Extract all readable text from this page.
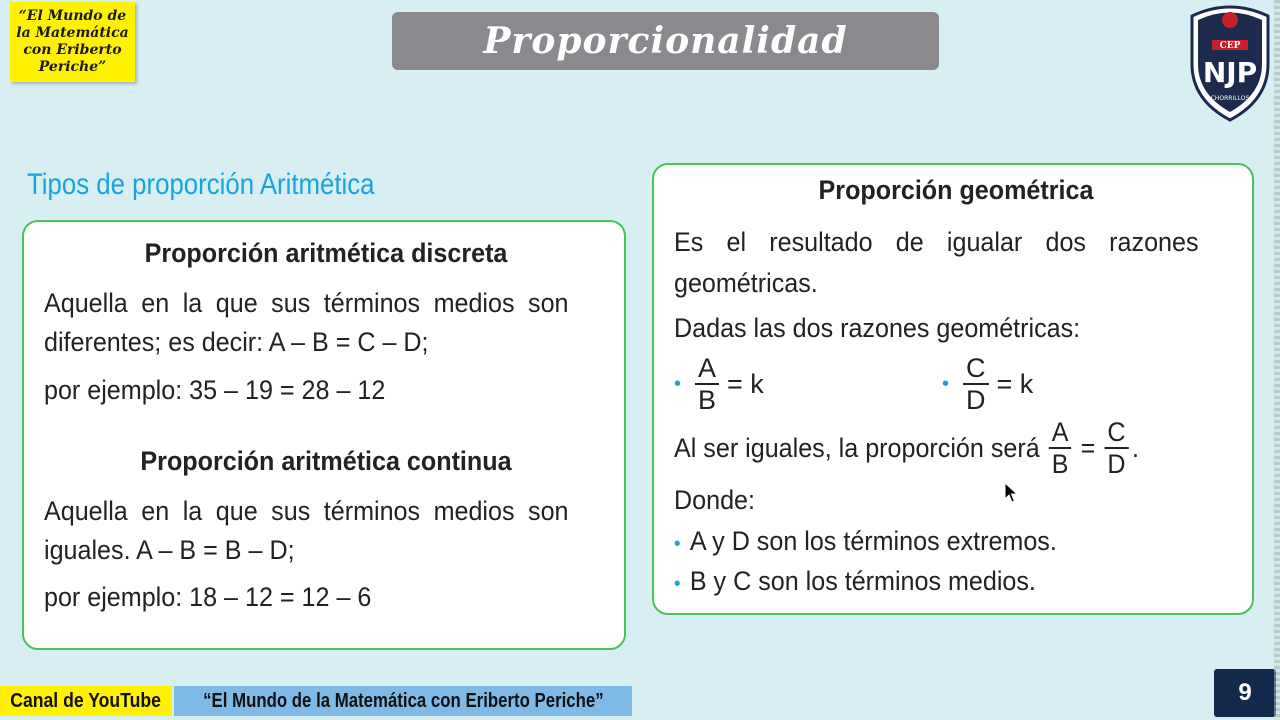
“El Mundo de
la Matemática
con Eriberto
Periche”
Proporcionalidad	CEP
NJP
CHORRILLOS
Tipos de proporción Aritmética
Proporción aritmética discreta

Aquella en la que sus términos medios son

diferentes; es decir: A – B = C – D;

por ejemplo: 35 – 19 = 28 – 12

Proporción aritmética continua

Aquella en la que sus términos medios son

iguales. A – B = B – D;

por ejemplo: 18 – 12 = 12 – 6

Proporción geométrica

Es el resultado de igualar dos razones

geométricas.

Dadas las dos razones geométricas:

• $\frac{A}{B} = k$	• $\frac{C}{D} = k$
Al ser iguales, la proporción será $\frac{A}{B} = \frac{C}{D}$ .

Donde:

• A y D son los términos extremos.

• B y C son los términos medios.

Canal de YouTube “El Mundo de la Matemática con Eriberto Periche”	9
